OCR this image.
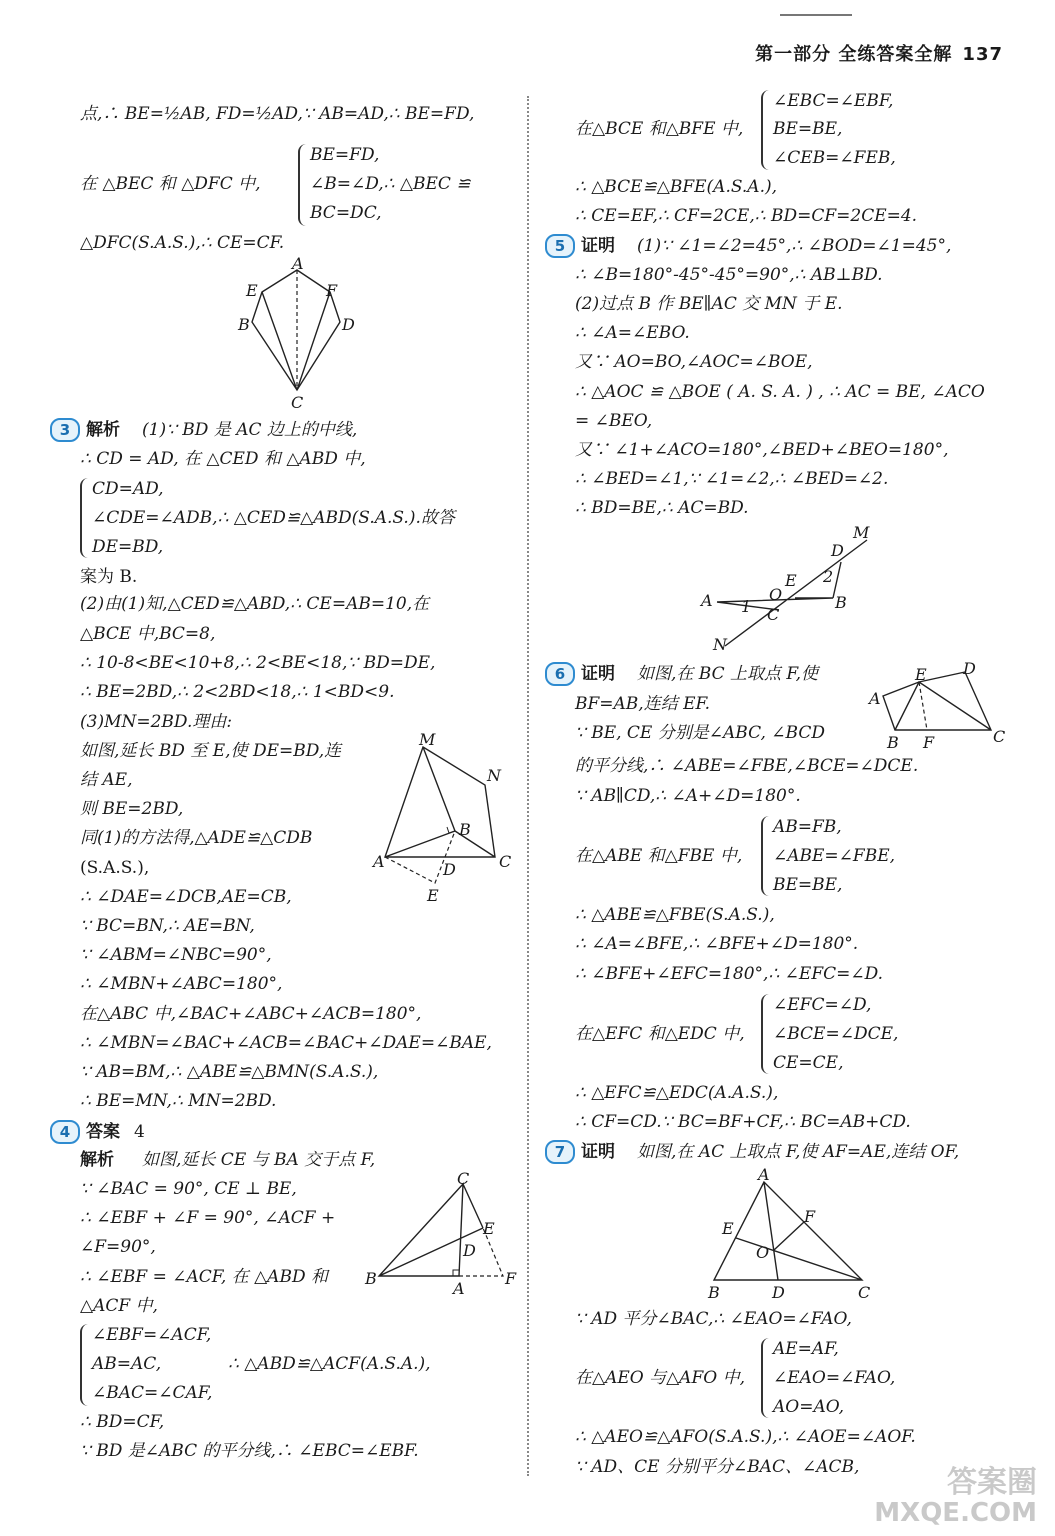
第一部分 全练答案全解 137
点,∴ BE=½AB, FD=½AD,∵ AB=AD,∴ BE=FD,
在 △BEC 和 △DFC 中,
BE=FD,
∠B=∠D,∴ △BEC ≌
BC=DC,
△DFC(S.A.S.),∴ CE=CF.
A
E	F
B	D
C
3 解析 (1)∵ BD 是 AC 边上的中线,
∴ CD = AD, 在 △CED 和 △ABD 中,
CD=AD,
∠CDE=∠ADB,∴ △CED≌△ABD(S.A.S.).故答
DE=BD,
案为 B.
(2)由(1)知,△CED≌△ABD,∴ CE=AB=10,在
△BCE 中,BC=8,
∴ 10-8<BE<10+8,∴ 2<BE<18,∵ BD=DE,
∴ BE=2BD,∴ 2<2BD<18,∴ 1<BD<9.
(3)MN=2BD.理由:
如图,延长 BD 至 E,使 DE=BD,连
结 AE,
则 BE=2BD,
同(1)的方法得,△ADE≌△CDB
(S.A.S.),
M
N
B
A	D	C
E
∴ ∠DAE=∠DCB,AE=CB,
∵ BC=BN,∴ AE=BN,
∵ ∠ABM=∠NBC=90°,
∴ ∠MBN+∠ABC=180°,
在△ABC 中,∠BAC+∠ABC+∠ACB=180°,
∴ ∠MBN=∠BAC+∠ACB=∠BAC+∠DAE=∠BAE,
∵ AB=BM,∴ △ABE≌△BMN(S.A.S.),
∴ BE=MN,∴ MN=2BD.
4 答案 4
解析 如图,延长 CE 与 BA 交于点 F,
∵ ∠BAC = 90°, CE ⊥ BE,
∴ ∠EBF + ∠F = 90°, ∠ACF +
∠F=90°,
∴ ∠EBF = ∠ACF, 在 △ABD 和
△ACF 中,
C
E
D
B
A
F
∠EBF=∠ACF,
AB=AC,	∴ △ABD≌△ACF(A.S.A.),
∠BAC=∠CAF,
∴ BD=CF,
∵ BD 是∠ABC 的平分线,∴ ∠EBC=∠EBF.
∠EBC=∠EBF,
在△BCE 和△BFE 中, BE=BE,
∠CEB=∠FEB,
∴ △BCE≌△BFE(A.S.A.),
∴ CE=EF,∴ CF=2CE,∴ BD=CF=2CE=4.
5 证明 (1)∵ ∠1=∠2=45°,∴ ∠BOD=∠1=45°,
∴ ∠B=180°-45°-45°=90°,∴ AB⊥BD.
(2)过点 B 作 BE∥AC 交 MN 于 E.
∴ ∠A=∠EBO.
又∵ AO=BO,∠AOC=∠BOE,
∴ △AOC ≌ △BOE ( A. S. A. ) , ∴ AC = BE, ∠ACO
= ∠BEO,
又∵ ∠1+∠ACO=180°,∠BED+∠BEO=180°,
∴ ∠BED=∠1,∵ ∠1=∠2,∴ ∠BED=∠2.
∴ BD=BE,∴ AC=BD.
M
D
2
E
O
A 1 C
B
N
6 证明 如图,在 BC 上取点 F,使
BF=AB,连结 EF.
∵ BE, CE 分别是∠ABC, ∠BCD
E D
A
B F	C
的平分线,∴ ∠ABE=∠FBE,∠BCE=∠DCE.
∵ AB∥CD,∴ ∠A+∠D=180°.
AB=FB,
在△ABE 和△FBE 中, ∠ABE=∠FBE,
BE=BE,
∴ △ABE≌△FBE(S.A.S.),
∴ ∠A=∠BFE,∴ ∠BFE+∠D=180°.
∴ ∠BFE+∠EFC=180°,∴ ∠EFC=∠D.
∠EFC=∠D,
在△EFC 和△EDC 中, ∠BCE=∠DCE,
CE=CE,
∴ △EFC≌△EDC(A.A.S.),
∴ CF=CD.∵ BC=BF+CF,∴ BC=AB+CD.
7 证明 如图,在 AC 上取点 F,使 AF=AE,连结 OF,
A
E
F
O
B	D	C
∵ AD 平分∠BAC,∴ ∠EAO=∠FAO,
AE=AF,
在△AEO 与△AFO 中, ∠EAO=∠FAO,
AO=AO,
∴ △AEO≌△AFO(S.A.S.),∴ ∠AOE=∠AOF.
∵ AD、CE 分别平分∠BAC、∠ACB,	答案圈
MXQE.COM
